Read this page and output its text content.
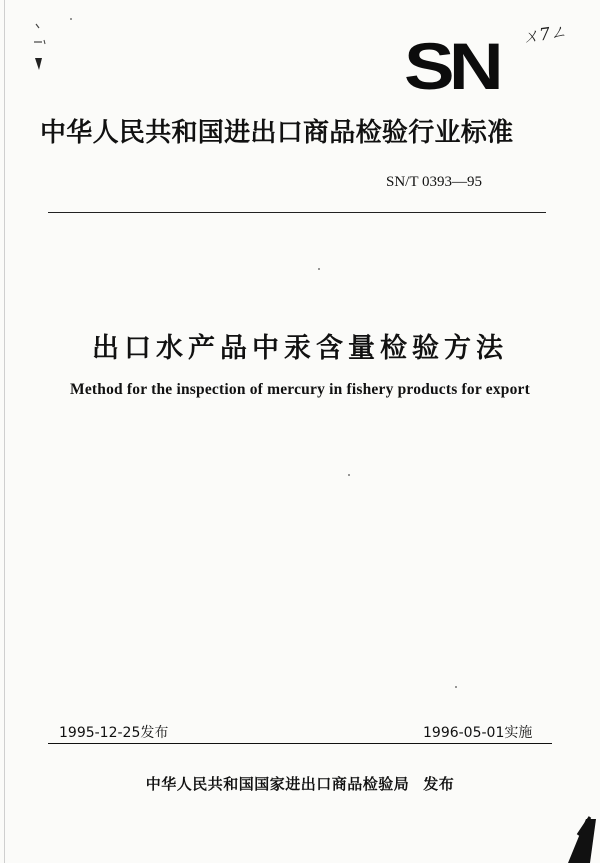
ㄨ7ㄥ
SN
中华人民共和国进出口商品检验行业标准
SN/T 0393—95
出口水产品中汞含量检验方法
Method for the inspection of mercury in fishery products for export
1995-12-25发布	1996-05-01实施
中华人民共和国国家进出口商品检验局 发布
